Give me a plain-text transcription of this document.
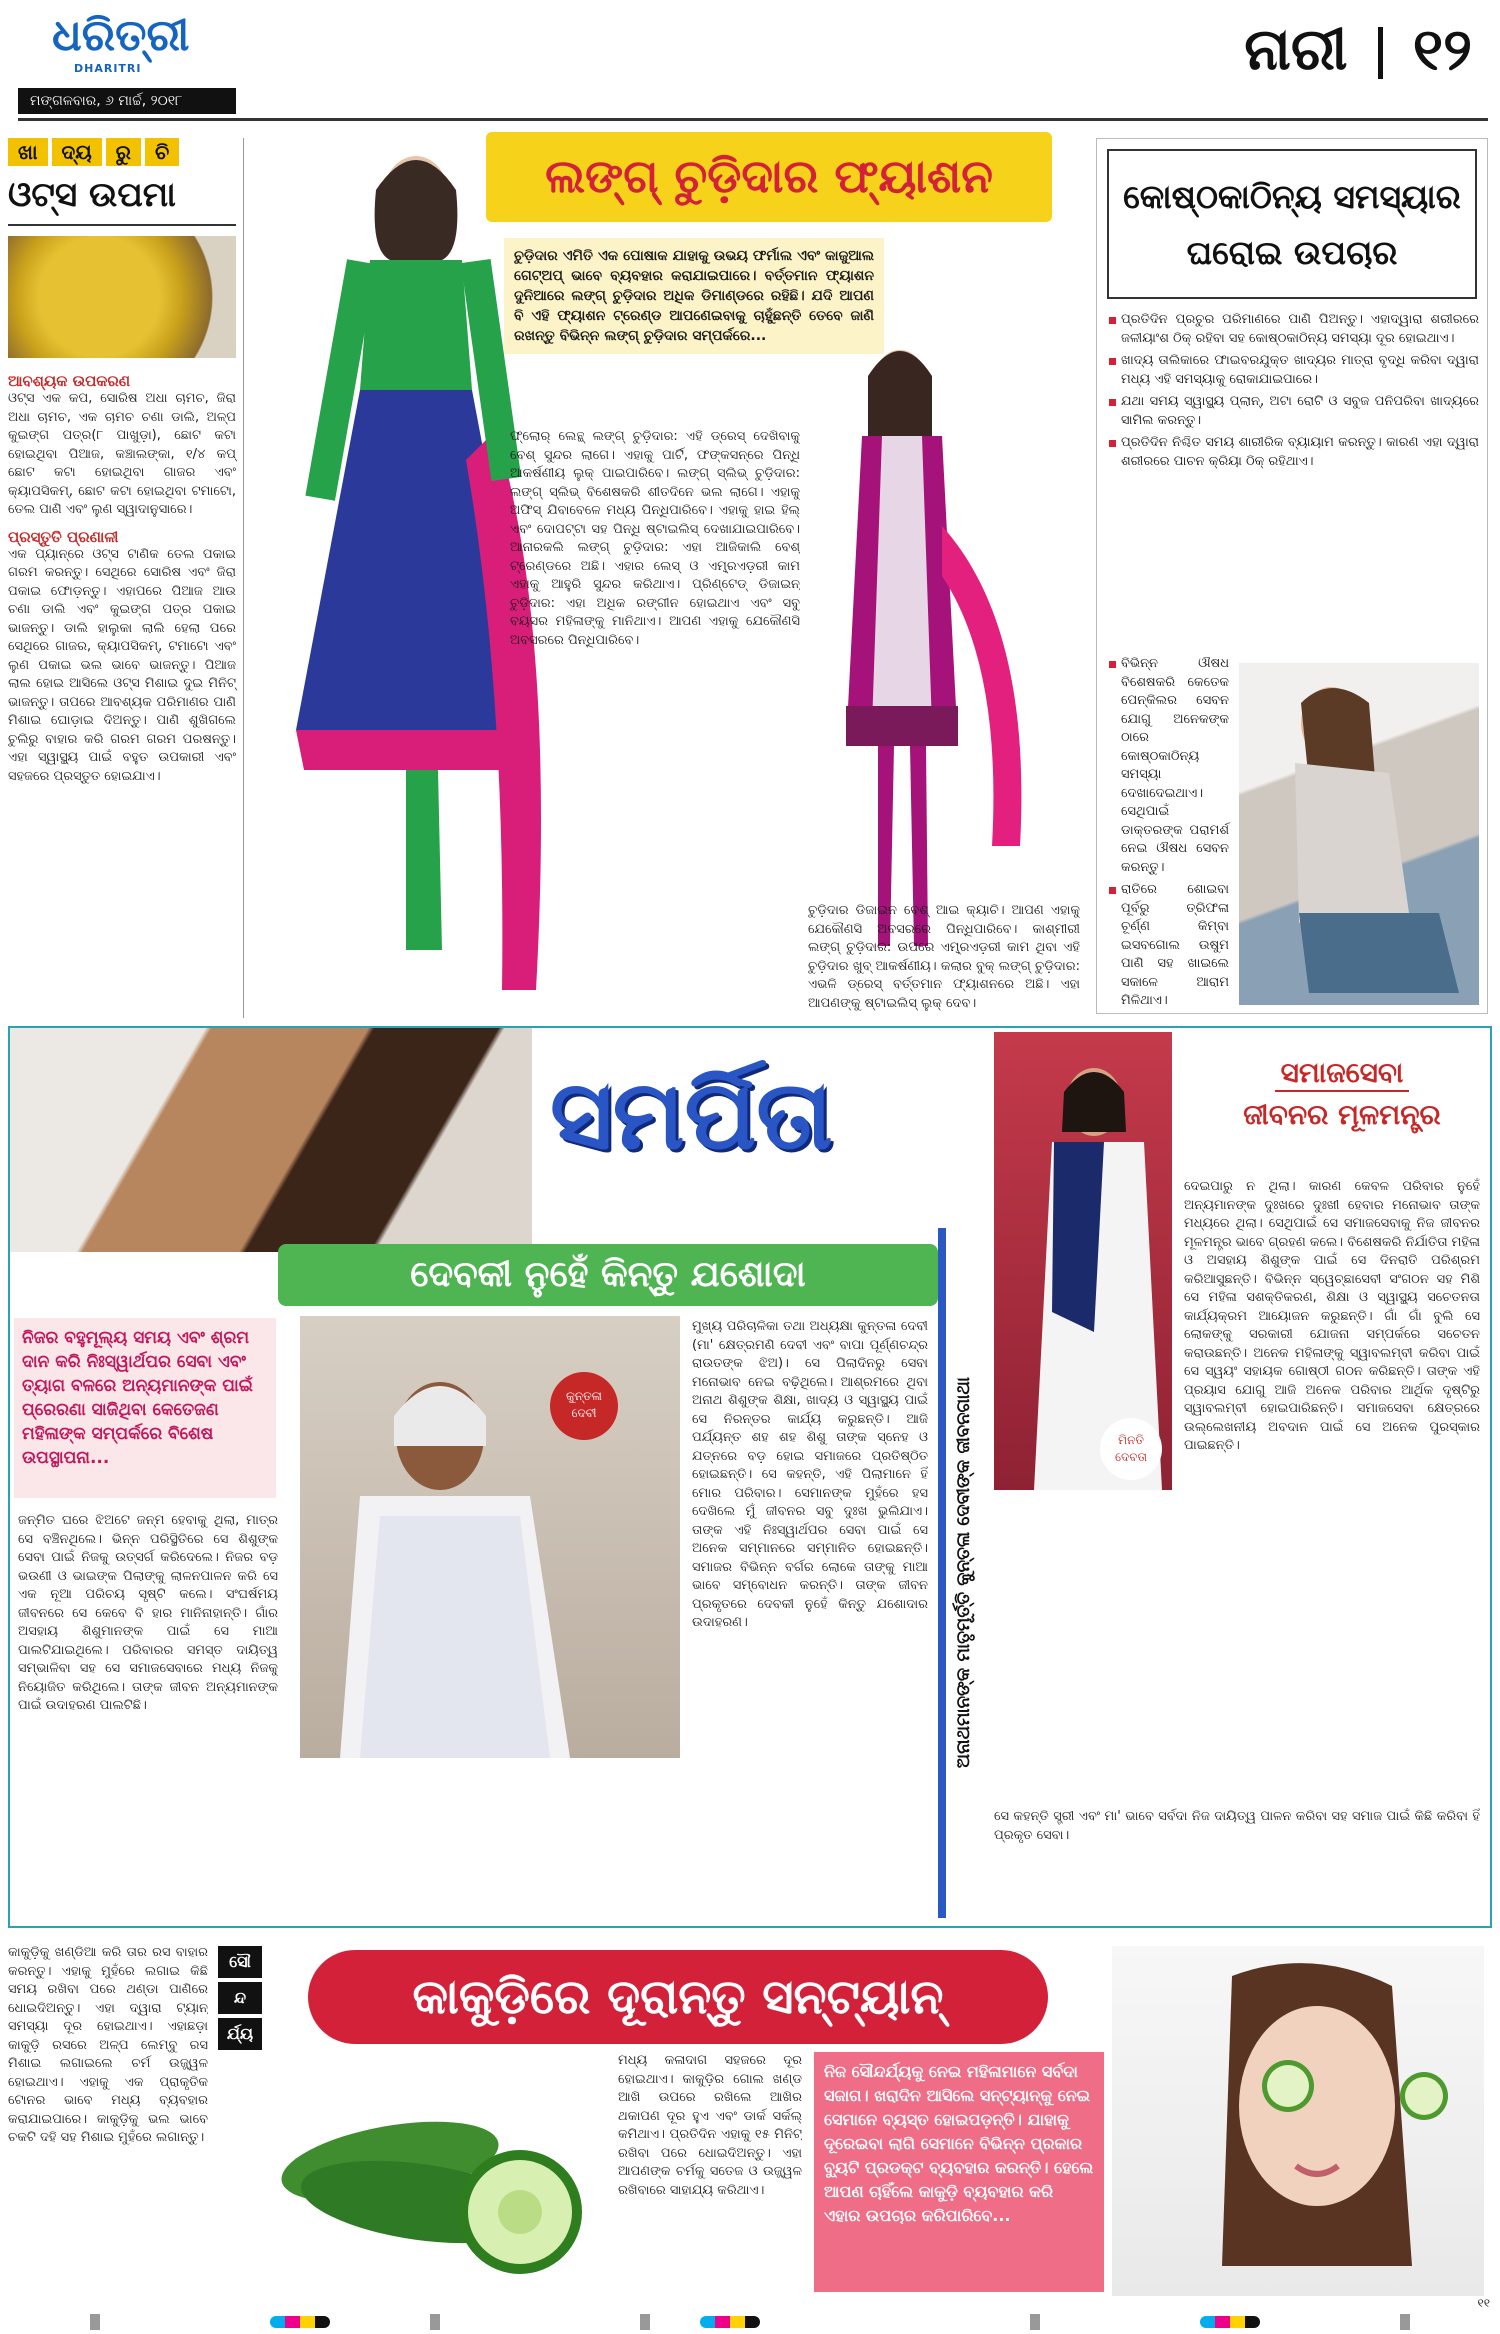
ଧରିତ୍ରୀ
DHARITRI
ମଙ୍ଗଳବାର, ୬ ମାର୍ଚ୍ଚ, ୨୦୧୮
ନାରୀ ୧୨
ଖା	ଦ୍ୟ	ରୁ	ଚି
ଓଟ୍ସ ଉପମା
ଆବଶ୍ୟକ ଉପକରଣ
ଓଟ୍ସ ଏକ କପ, ସୋରିଷ ଅଧା ଚାମଚ, ଜିରା ଅଧା ଚାମଚ, ଏକ ଚାମଚ ଚଣା ଡାଲି, ଅଳ୍ପ କୁଇଙ୍ଗ ପତ୍ର(୮ ପାଖୁଡ଼ା), ଛୋଟ କଟା ହୋଇଥିବା ପିଆଜ, କଞ୍ଚାଲଙ୍କା, ୧/୪ କପ୍ ଛୋଟ କଟା ହୋଇଥିବା ଗାଜର ଏବଂ କ୍ୟାପସିକମ୍, ଛୋଟ କଟା ହୋଇଥିବା ଟମାଟୋ, ତେଲ ପାଣି ଏବଂ ଲୁଣ ସ୍ୱାଦାନୁସାରେ।
ପ୍ରସ୍ତୁତି ପ୍ରଣାଳୀ
ଏକ ପ୍ୟାନ୍‌ରେ ଓଟ୍ସ ଟାଣିକ ତେଲ ପକାଇ ଗରମ କରନ୍ତୁ। ସେଥିରେ ସୋରିଷ ଏବଂ ଜିରା ପକାଇ ଫୋଡ଼ନ୍ତୁ। ଏହାପରେ ପିଆଜ ଆଉ ଚଣା ଡାଲି ଏବଂ କୁଇଙ୍ଗ ପତ୍ର ପକାଇ ଭାଜନ୍ତୁ। ଡାଲି ହାଲୁକା ଲାଲି ହେଲା ପରେ ସେଥିରେ ଗାଜର, କ୍ୟାପସିକମ୍, ଟମାଟୋ ଏବଂ ଲୁଣ ପକାଇ ଭଲ ଭାବେ ଭାଜନ୍ତୁ। ପିଆଜ ଲାଲ ହୋଇ ଆସିଲେ ଓଟ୍ସ ମିଶାଇ ଦୁଇ ମିନିଟ୍ ଭାଜନ୍ତୁ। ତାପରେ ଆବଶ୍ୟକ ପରିମାଣର ପାଣି ମିଶାଇ ଘୋଡ଼ାଇ ଦିଅନ୍ତୁ। ପାଣି ଶୁଖିଗଲେ ଚୁଲିରୁ ବାହାର କରି ଗରମ ଗରମ ପରଷନ୍ତୁ। ଏହା ସ୍ୱାସ୍ଥ୍ୟ ପାଇଁ ବହୁତ ଉପକାରୀ ଏବଂ ସହଜରେ ପ୍ରସ୍ତୁତ ହୋଇଯାଏ।
ଲଙ୍ଗ୍ ଚୁଡ଼ିଦାର ଫ୍ୟାଶନ
ଚୁଡ଼ିଦାର ଏମିତି ଏକ ପୋଷାକ ଯାହାକୁ ଉଭୟ ଫର୍ମାଲ ଏବଂ କାଜୁଆଲ ଗେଟ୍‌ଅପ୍ ଭାବେ ବ୍ୟବହାର କରାଯାଇପାରେ। ବର୍ତ୍ତମାନ ଫ୍ୟାଶନ ଦୁନିଆରେ ଲଙ୍ଗ୍ ଚୁଡ଼ିଦାର ଅଧିକ ଡିମାଣ୍ଡରେ ରହିଛି। ଯଦି ଆପଣ ବି ଏହି ଫ୍ୟାଶନ ଟ୍ରେଣ୍ଡ ଆପଣେଇବାକୁ ଚାହୁଁଛନ୍ତି ତେବେ ଜାଣି ରଖନ୍ତୁ ବିଭିନ୍ନ ଲଙ୍ଗ୍ ଚୁଡ଼ିଦାର ସମ୍ପର୍କରେ...
ଫ୍ଲୋର୍ ଲେନ୍ଥ୍ ଲଙ୍ଗ୍ ଚୁଡ଼ିଦାର: ଏହି ଡ୍ରେସ୍ ଦେଖିବାକୁ ବେଶ୍ ସୁନ୍ଦର ଲାଗେ। ଏହାକୁ ପାର୍ଟି, ଫଙ୍କସନ୍‌ରେ ପିନ୍ଧି ଆକର୍ଷଣୀୟ ଲୁକ୍ ପାଇପାରିବେ। ଲଙ୍ଗ୍ ସ୍ଲିଭ୍ ଚୁଡ଼ିଦାର: ଲଙ୍ଗ୍ ସ୍ଲିଭ୍ ବିଶେଷକରି ଶୀତଦିନେ ଭଲ ଲାଗେ। ଏହାକୁ ଅଫିସ୍ ଯିବାବେଳେ ମଧ୍ୟ ପିନ୍ଧିପାରିବେ। ଏହାକୁ ହାଇ ହିଲ୍ ଏବଂ ଦୋପଟ୍ଟା ସହ ପିନ୍ଧି ଷ୍ଟାଇଲିସ୍ ଦେଖାଯାଇପାରିବେ। ଆନାରକଲି ଲଙ୍ଗ୍ ଚୁଡ଼ିଦାର: ଏହା ଆଜିକାଲି ବେଶ୍ ଟ୍ରେଣ୍ଡରେ ଅଛି। ଏହାର ଲେସ୍ ଓ ଏମ୍ବ୍ରଏଡ଼ରୀ କାମ ଏହାକୁ ଆହୁରି ସୁନ୍ଦର କରିଥାଏ। ପ୍ରିଣ୍ଟେଡ୍ ଡିଜାଇନ୍ ଚୁଡ଼ିଦାର: ଏହା ଅଧିକ ରଙ୍ଗୀନ ହୋଇଥାଏ ଏବଂ ସବୁ ବୟସର ମହିଳାଙ୍କୁ ମାନିଥାଏ। ଆପଣ ଏହାକୁ ଯେକୌଣସି ଅବସରରେ ପିନ୍ଧିପାରିବେ।
ଚୁଡ଼ିଦାର ଡିଜାଇନ ବେଶ୍ ଆଇ କ୍ୟାଚି। ଆପଣ ଏହାକୁ ଯେକୌଣସି ଅବସରରେ ପିନ୍ଧିପାରିବେ। କାଶ୍ମୀରୀ ଲଙ୍ଗ୍ ଚୁଡ଼ିଦାର: ଉପରେ ଏମ୍ବ୍ରଏଡ଼ରୀ କାମ ଥିବା ଏହି ଚୁଡ଼ିଦାର ଖୁବ୍ ଆକର୍ଷଣୀୟ। କଲାର ବୁକ୍ ଲଙ୍ଗ୍ ଚୁଡ଼ିଦାର: ଏଭଳି ଡ୍ରେସ୍ ବର୍ତ୍ତମାନ ଫ୍ୟାଶନରେ ଅଛି। ଏହା ଆପଣଙ୍କୁ ଷ୍ଟାଇଲିସ୍ ଲୁକ୍ ଦେବ।
କୋଷ୍ଠକାଠିନ୍ୟ ସମସ୍ୟାର ଘରୋଇ ଉପଚାର
ପ୍ରତିଦିନ ପ୍ରଚୁର ପରିମାଣରେ ପାଣି ପିଅନ୍ତୁ। ଏହାଦ୍ୱାରା ଶରୀରରେ ଜଳୀୟାଂଶ ଠିକ୍ ରହିବା ସହ କୋଷ୍ଠକାଠିନ୍ୟ ସମସ୍ୟା ଦୂର ହୋଇଥାଏ।
ଖାଦ୍ୟ ତାଲିକାରେ ଫାଇବରଯୁକ୍ତ ଖାଦ୍ୟର ମାତ୍ରା ବୃଦ୍ଧି କରିବା ଦ୍ୱାରା ମଧ୍ୟ ଏହି ସମସ୍ୟାକୁ ରୋକାଯାଇପାରେ।
ଯଥା ସମୟ ସ୍ୱାସ୍ଥ୍ୟ ପ୍ଲାନ୍, ଅଟା ରୋଟି ଓ ସବୁଜ ପନିପରିବା ଖାଦ୍ୟରେ ସାମିଲ କରନ୍ତୁ।
ପ୍ରତିଦିନ ନିଶ୍ଚିତ ସମୟ ଶାରୀରିକ ବ୍ୟାୟାମ କରନ୍ତୁ। କାରଣ ଏହା ଦ୍ୱାରା ଶରୀରରେ ପାଚନ କ୍ରିୟା ଠିକ୍ ରହିଥାଏ।
ବିଭିନ୍ନ ଔଷଧ ବିଶେଷକରି କେତେକ ପେନ୍‌କିଲର ସେବନ ଯୋଗୁ ଅନେକଙ୍କ ଠାରେ କୋଷ୍ଠକାଠିନ୍ୟ ସମସ୍ୟା ଦେଖାଦେଇଥାଏ। ସେଥିପାଇଁ ଡାକ୍ତରଙ୍କ ପରାମର୍ଶ ନେଇ ଔଷଧ ସେବନ କରନ୍ତୁ।
ରାତିରେ ଶୋଇବା ପୂର୍ବରୁ ତ୍ରିଫଳା ଚୂର୍ଣ୍ଣ କିମ୍ବା ଇସବଗୋଲ ଉଷୁମ ପାଣି ସହ ଖାଇଲେ ସକାଳେ ଆରାମ ମିଳିଥାଏ।
ସମର୍ପିତା
ଦେବକୀ ନୁହେଁ କିନ୍ତୁ ଯଶୋଦା
ନିଜର ବହୁମୂଲ୍ୟ ସମୟ ଏବଂ ଶ୍ରମ ଦାନ କରି ନିଃସ୍ୱାର୍ଥପର ସେବା ଏବଂ ତ୍ୟାଗ ବଳରେ ଅନ୍ୟମାନଙ୍କ ପାଇଁ ପ୍ରେରଣା ସାଜିଥିବା କେତେଜଣ ମହିଳାଙ୍କ ସମ୍ପର୍କରେ ବିଶେଷ ଉପସ୍ଥାପନା...
ଜନ୍ମିତ ଘରେ ଝିଅଟେ ଜନ୍ମ ହେବାକୁ ଥିଲା, ମାତ୍ର ସେ ବଞ୍ଚିନଥିଲେ। ଭିନ୍ନ ପରିସ୍ଥିତିରେ ସେ ଶିଶୁଙ୍କ ସେବା ପାଇଁ ନିଜକୁ ଉତ୍ସର୍ଗ କରିଦେଲେ। ନିଜର ବଡ଼ ଭଉଣୀ ଓ ଭାଇଙ୍କ ପିଲାଙ୍କୁ ଲାଳନପାଳନ କରି ସେ ଏକ ନୂଆ ପରିଚୟ ସୃଷ୍ଟି କଲେ। ସଂଘର୍ଷମୟ ଜୀବନରେ ସେ କେବେ ବି ହାର ମାନିନାହାନ୍ତି। ଗାଁର ଅସହାୟ ଶିଶୁମାନଙ୍କ ପାଇଁ ସେ ମାଆ ପାଲଟିଯାଇଥିଲେ। ପରିବାରର ସମସ୍ତ ଦାୟିତ୍ୱ ସମ୍ଭାଳିବା ସହ ସେ ସମାଜସେବାରେ ମଧ୍ୟ ନିଜକୁ ନିୟୋଜିତ କରିଥିଲେ। ତାଙ୍କ ଜୀବନ ଅନ୍ୟମାନଙ୍କ ପାଇଁ ଉଦାହରଣ ପାଲଟିଛି।
କୁନ୍ତଳା
ଦେବୀ
ମୁଖ୍ୟ ପରିଚାଳିକା ତଥା ଅଧ୍ୟକ୍ଷା କୁନ୍ତଳା ଦେବୀ (ମା' କ୍ଷେତ୍ରମଣି ଦେବୀ ଏବଂ ବାପା ପୂର୍ଣ୍ଣଚନ୍ଦ୍ର ରାଉତଙ୍କ ଝିଅ)। ସେ ପିଲାଦିନରୁ ସେବା ମନୋଭାବ ନେଇ ବଢ଼ିଥିଲେ। ଆଶ୍ରମରେ ଥିବା ଅନାଥ ଶିଶୁଙ୍କ ଶିକ୍ଷା, ଖାଦ୍ୟ ଓ ସ୍ୱାସ୍ଥ୍ୟ ପାଇଁ ସେ ନିରନ୍ତର କାର୍ଯ୍ୟ କରୁଛନ୍ତି। ଆଜି ପର୍ଯ୍ୟନ୍ତ ଶହ ଶହ ଶିଶୁ ତାଙ୍କ ସ୍ନେହ ଓ ଯତ୍ନରେ ବଡ଼ ହୋଇ ସମାଜରେ ପ୍ରତିଷ୍ଠିତ ହୋଇଛନ୍ତି। ସେ କହନ୍ତି, ଏହି ପିଲାମାନେ ହିଁ ମୋର ପରିବାର। ସେମାନଙ୍କ ମୁହଁରେ ହସ ଦେଖିଲେ ମୁଁ ଜୀବନର ସବୁ ଦୁଃଖ ଭୁଲିଯାଏ। ତାଙ୍କ ଏହି ନିଃସ୍ୱାର୍ଥପର ସେବା ପାଇଁ ସେ ଅନେକ ସମ୍ମାନରେ ସମ୍ମାନିତ ହୋଇଛନ୍ତି। ସମାଜର ବିଭିନ୍ନ ବର୍ଗର ଲୋକେ ତାଙ୍କୁ ମାଆ ଭାବେ ସମ୍ବୋଧନ କରନ୍ତି। ତାଙ୍କ ଜୀବନ ପ୍ରକୃତରେ ଦେବକୀ ନୁହେଁ କିନ୍ତୁ ଯଶୋଦାର ଉଦାହରଣ।	ଅନାଥମାନଙ୍କ ମାତୃମୂର୍ତ୍ତି କୁନ୍ତଳା ଦେବୀଙ୍କ ଜୀବନଗାଥା	ମିନତି
ଦେବତା
ସମାଜସେବା ଜୀବନର ମୂଳମନ୍ତ୍ର
ଦେଇପାରୁ ନ ଥିଲା। କାରଣ କେବଳ ପରିବାର ନୁହେଁ ଅନ୍ୟମାନଙ୍କ ଦୁଃଖରେ ଦୁଃଖୀ ହେବାର ମନୋଭାବ ତାଙ୍କ ମଧ୍ୟରେ ଥିଲା। ସେଥିପାଇଁ ସେ ସମାଜସେବାକୁ ନିଜ ଜୀବନର ମୂଳମନ୍ତ୍ର ଭାବେ ଗ୍ରହଣ କଲେ। ବିଶେଷକରି ନିର୍ଯାତିତା ମହିଳା ଓ ଅସହାୟ ଶିଶୁଙ୍କ ପାଇଁ ସେ ଦିନରାତି ପରିଶ୍ରମ କରିଆସୁଛନ୍ତି। ବିଭିନ୍ନ ସ୍ୱେଚ୍ଛାସେବୀ ସଂଗଠନ ସହ ମିଶି ସେ ମହିଳା ସଶକ୍ତିକରଣ, ଶିକ୍ଷା ଓ ସ୍ୱାସ୍ଥ୍ୟ ସଚେତନତା କାର୍ଯ୍ୟକ୍ରମ ଆୟୋଜନ କରୁଛନ୍ତି। ଗାଁ ଗାଁ ବୁଲି ସେ ଲୋକଙ୍କୁ ସରକାରୀ ଯୋଜନା ସମ୍ପର୍କରେ ସଚେତନ କରାଉଛନ୍ତି। ଅନେକ ମହିଳାଙ୍କୁ ସ୍ୱାବଲମ୍ବୀ କରିବା ପାଇଁ ସେ ସ୍ୱୟଂ ସହାୟକ ଗୋଷ୍ଠୀ ଗଠନ କରିଛନ୍ତି। ତାଙ୍କ ଏହି ପ୍ରୟାସ ଯୋଗୁ ଆଜି ଅନେକ ପରିବାର ଆର୍ଥିକ ଦୃଷ୍ଟିରୁ ସ୍ୱାବଲମ୍ବୀ ହୋଇପାରିଛନ୍ତି। ସମାଜସେବା କ୍ଷେତ୍ରରେ ଉଲ୍ଲେଖନୀୟ ଅବଦାନ ପାଇଁ ସେ ଅନେକ ପୁରସ୍କାର ପାଇଛନ୍ତି।
ସେ କହନ୍ତି ସ୍ତ୍ରୀ ଏବଂ ମା' ଭାବେ ସର୍ବଦା ନିଜ ଦାୟିତ୍ୱ ପାଳନ କରିବା ସହ ସମାଜ ପାଇଁ କିଛି କରିବା ହିଁ ପ୍ରକୃତ ସେବା।
କାକୁଡ଼ିକୁ ଖଣ୍ଡିଆ କରି ତାର ରସ ବାହାର କରନ୍ତୁ। ଏହାକୁ ମୁହଁରେ ଲଗାଇ କିଛି ସମୟ ରଖିବା ପରେ ଥଣ୍ଡା ପାଣିରେ ଧୋଇଦିଅନ୍ତୁ। ଏହା ଦ୍ୱାରା ଟ୍ୟାନ୍ ସମସ୍ୟା ଦୂର ହୋଇଥାଏ। ଏହାଛଡ଼ା କାକୁଡ଼ି ରସରେ ଅଳ୍ପ ଲେମ୍ବୁ ରସ ମିଶାଇ ଲଗାଇଲେ ଚର୍ମ ଉଜ୍ଜ୍ୱଳ ହୋଇଥାଏ। ଏହାକୁ ଏକ ପ୍ରାକୃତିକ ଟୋନର ଭାବେ ମଧ୍ୟ ବ୍ୟବହାର କରାଯାଇପାରେ। କାକୁଡ଼ିକୁ ଭଲ ଭାବେ ଚକଟି ଦହି ସହ ମିଶାଇ ମୁହଁରେ ଲଗାନ୍ତୁ।
ସୌ
ନ୍ଦ
ର୍ଯ୍ୟ
କାକୁଡ଼ିରେ ଦୂରାନ୍ତୁ ସନ୍‌ଟ୍ୟାନ୍
ମଧ୍ୟ କଳାଦାଗ ସହଜରେ ଦୂର ହୋଇଥାଏ। କାକୁଡ଼ିର ଗୋଲ ଖଣ୍ଡ ଆଖି ଉପରେ ରଖିଲେ ଆଖିର ଥକାପଣ ଦୂର ହୁଏ ଏବଂ ଡାର୍କ ସର୍କଲ୍ କମିଥାଏ। ପ୍ରତିଦିନ ଏହାକୁ ୧୫ ମିନିଟ୍ ରଖିବା ପରେ ଧୋଇଦିଅନ୍ତୁ। ଏହା ଆପଣଙ୍କ ଚର୍ମକୁ ସତେଜ ଓ ଉଜ୍ଜ୍ୱଳ ରଖିବାରେ ସାହାଯ୍ୟ କରିଥାଏ।
ନିଜ ସୌନ୍ଦର୍ଯ୍ୟକୁ ନେଇ ମହିଳାମାନେ ସର୍ବଦା ସଜାଗ। ଖରାଦିନ ଆସିଲେ ସନ୍‌ଟ୍ୟାନ୍‌କୁ ନେଇ ସେମାନେ ବ୍ୟସ୍ତ ହୋଇପଡ଼ନ୍ତି। ଯାହାକୁ ଦୂରେଇବା ଲାଗି ସେମାନେ ବିଭିନ୍ନ ପ୍ରକାର ବ୍ୟୁଟି ପ୍ରଡକ୍ଟ ବ୍ୟବହାର କରନ୍ତି। ହେଲେ ଆପଣ ଚାହିଁଲେ କାକୁଡ଼ି ବ୍ୟବହାର କରି ଏହାର ଉପଚାର କରିପାରିବେ...
୧୧
